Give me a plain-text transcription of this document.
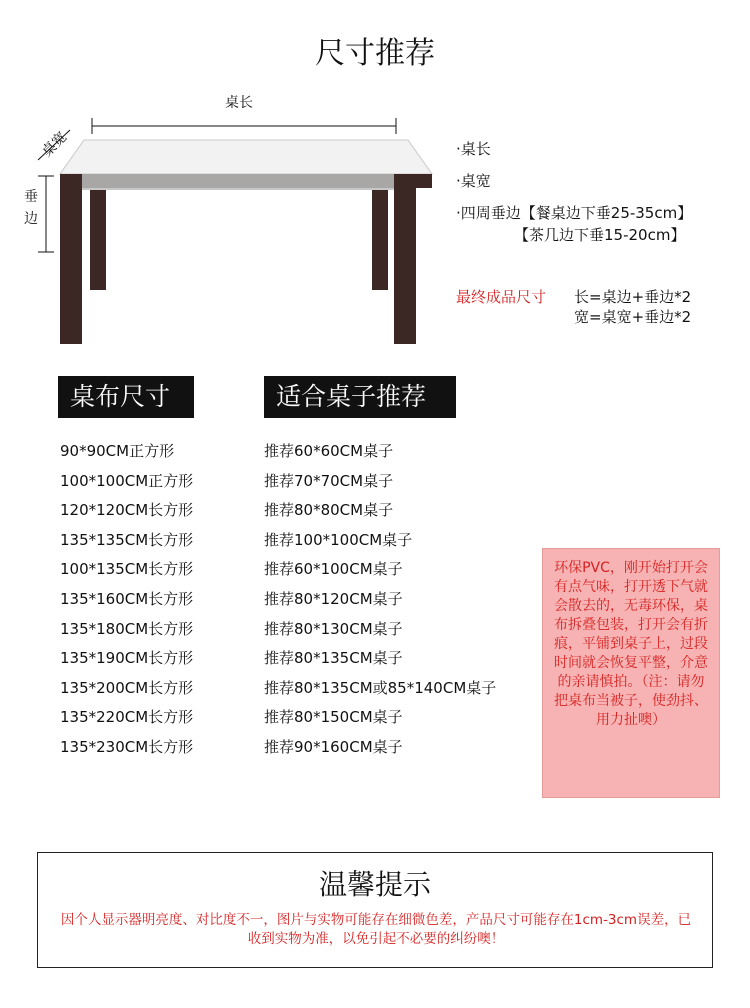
尺寸推荐
桌长
桌宽
垂
边
·桌长
·桌宽
·四周垂边【餐桌边下垂25-35cm】
【茶几边下垂15-20cm】
最终成品尺寸 长=桌边+垂边*2
宽=桌宽+垂边*2
桌布尺寸	适合桌子推荐
90*90CM正方形
100*100CM正方形
120*120CM长方形
135*135CM长方形
100*135CM长方形
135*160CM长方形
135*180CM长方形
135*190CM长方形
135*200CM长方形
135*220CM长方形
135*230CM长方形
推荐60*60CM桌子
推荐70*70CM桌子
推荐80*80CM桌子
推荐100*100CM桌子
推荐60*100CM桌子
推荐80*120CM桌子
推荐80*130CM桌子
推荐80*135CM桌子
推荐80*135CM或85*140CM桌子
推荐80*150CM桌子
推荐90*160CM桌子
环保PVC，刚开始打开会有点气味，打开透下气就会散去的，无毒环保，桌布拆叠包装，打开会有折痕，平铺到桌子上，过段时间就会恢复平整，介意的亲请慎拍。（注：请勿把桌布当被子，使劲抖、用力扯噢）
温馨提示
因个人显示器明亮度、对比度不一，图片与实物可能存在细微色差，产品尺寸可能存在1cm-3cm误差，已收到实物为准，以免引起不必要的纠纷噢！
